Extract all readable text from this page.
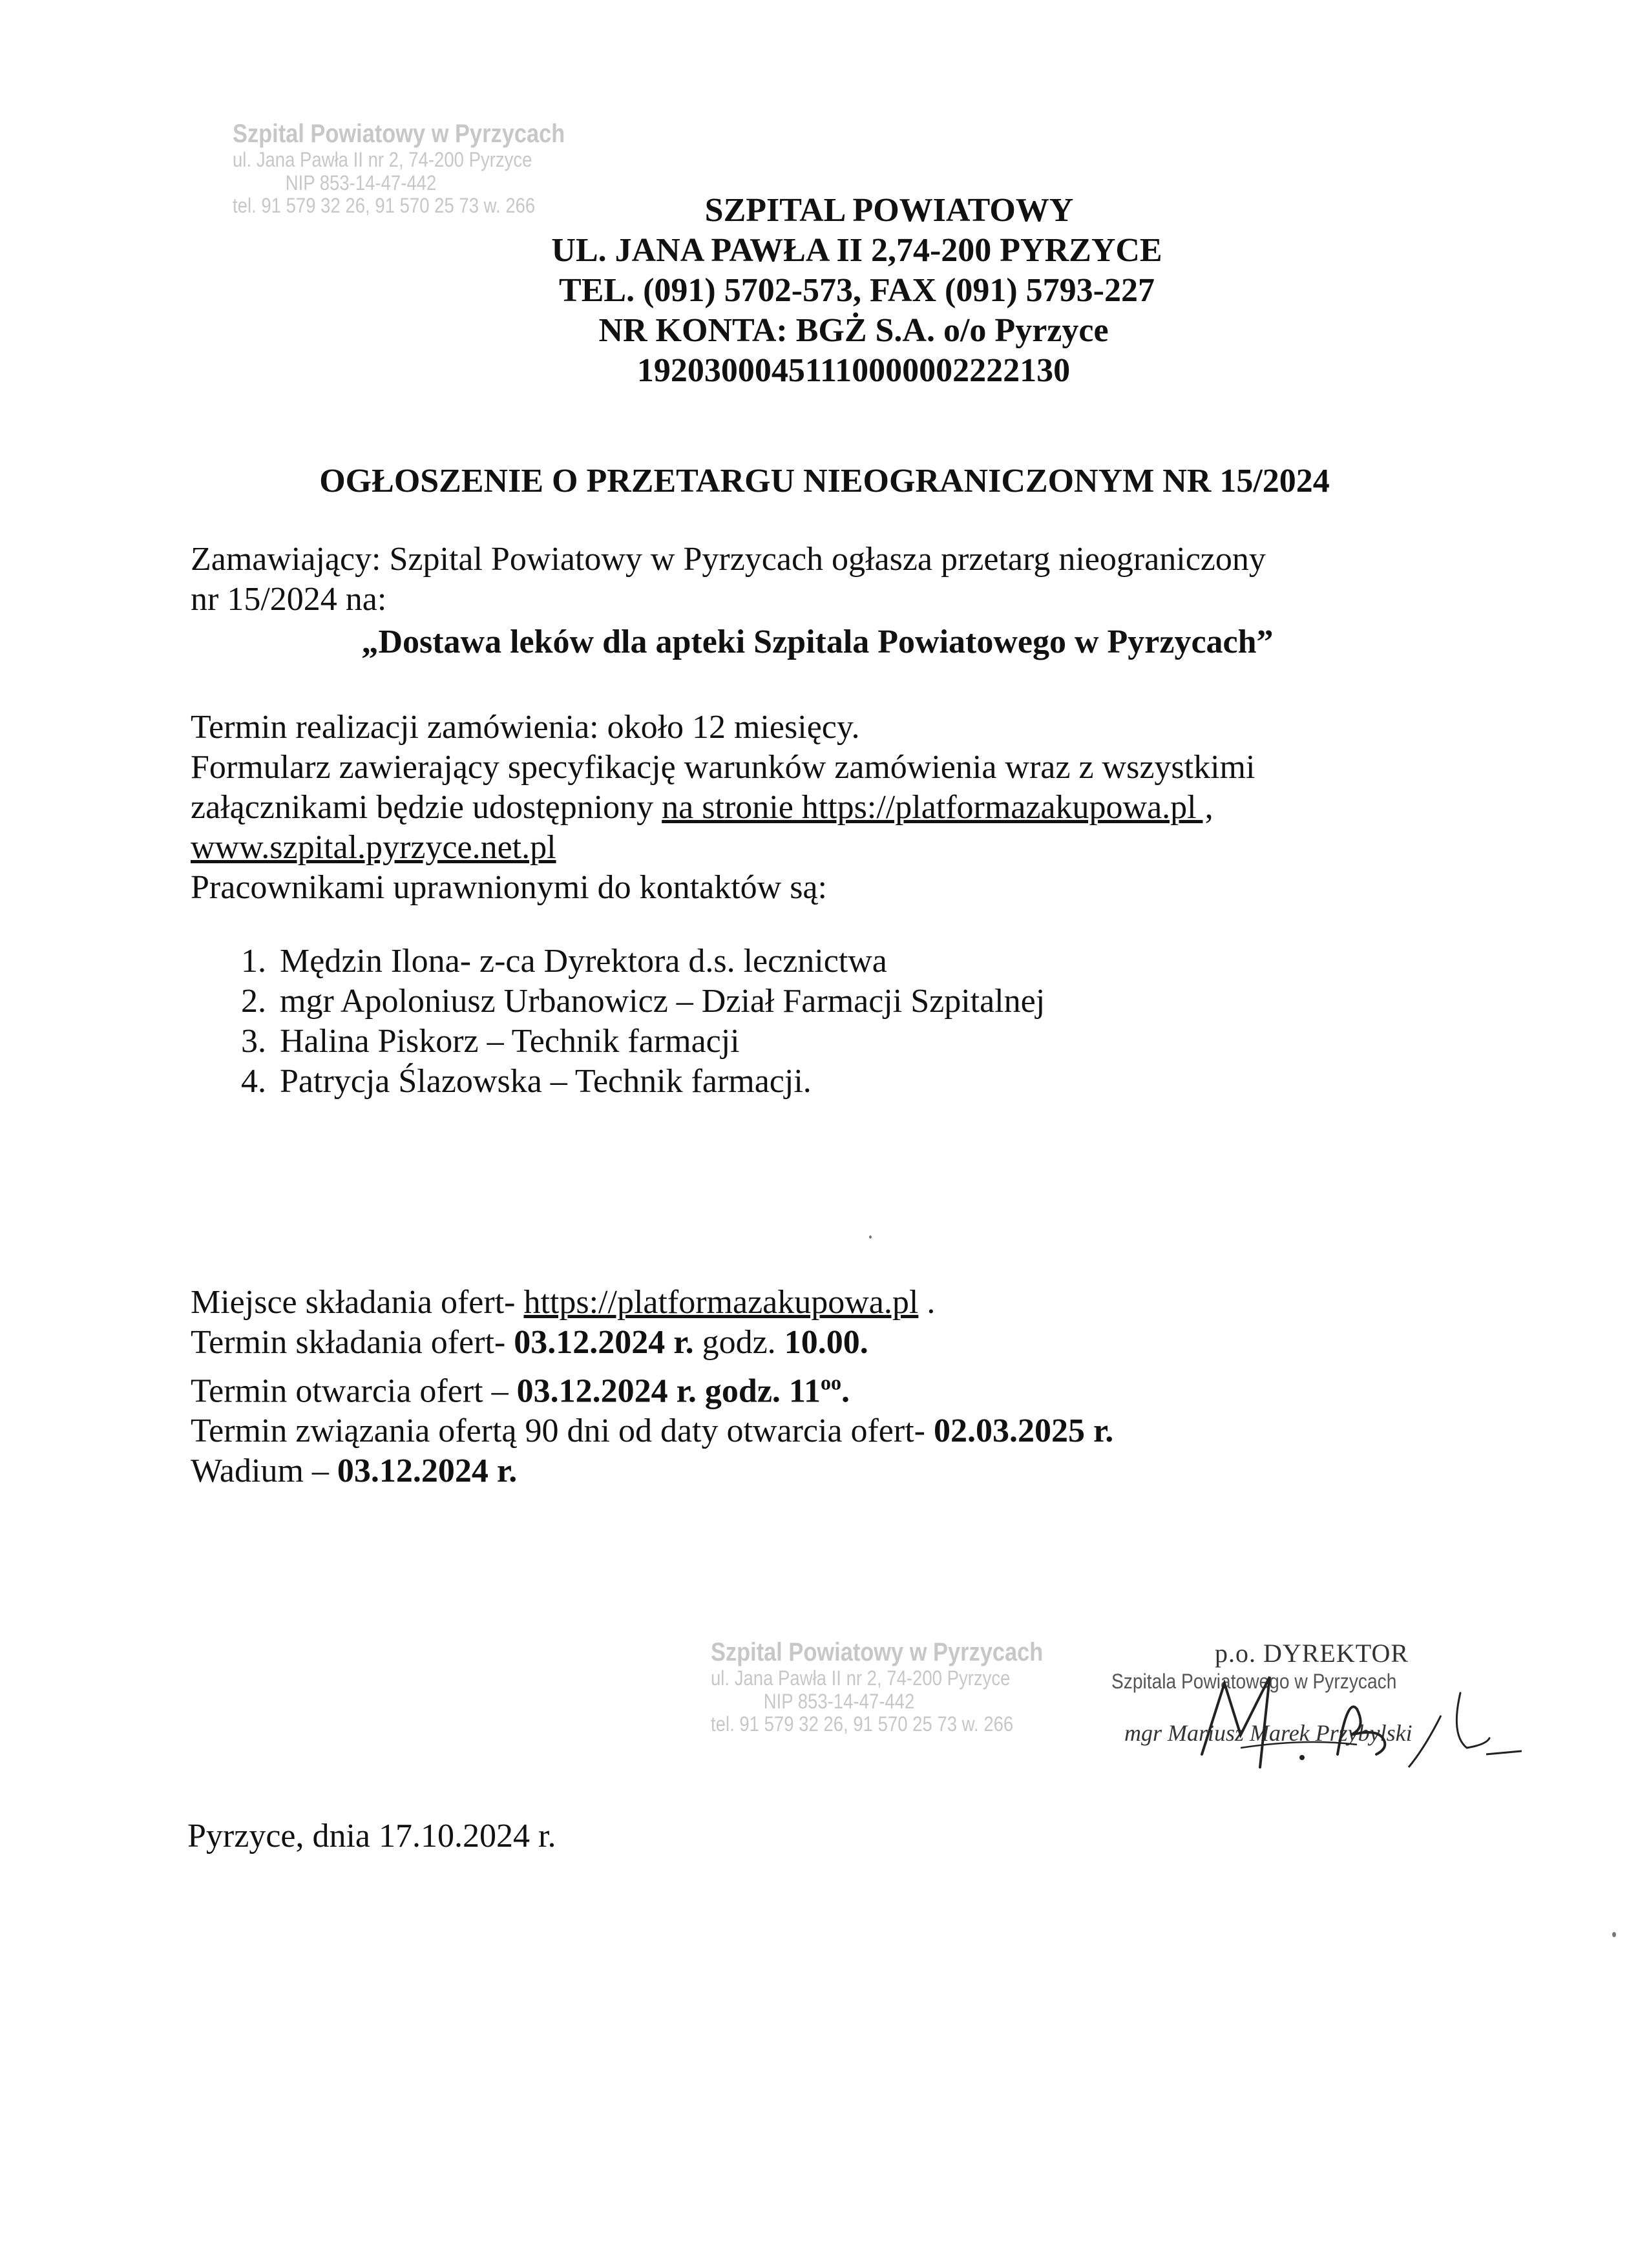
Szpital Powiatowy w Pyrzycach
ul. Jana Pawła II nr 2, 74-200 Pyrzyce
NIP 853-14-47-442
tel. 91 579 32 26, 91 570 25 73 w. 266	SZPITAL POWIATOWY
UL. JANA PAWŁA II 2,74-200 PYRZYCE
TEL. (091) 5702-573, FAX (091) 5793-227
NR KONTA: BGŻ S.A. o/o Pyrzyce
19203000451110000002222130
OGŁOSZENIE O PRZETARGU NIEOGRANICZONYM NR 15/2024

Zamawiający: Szpital Powiatowy w Pyrzycach ogłasza przetarg nieograniczony

nr 15/2024 na:

„Dostawa leków dla apteki Szpitala Powiatowego w Pyrzycach”

Termin realizacji zamówienia: około 12 miesięcy.

Formularz zawierający specyfikację warunków zamówienia wraz z wszystkimi

załącznikami będzie udostępniony na stronie https://platformazakupowa.pl ,

www.szpital.pyrzyce.net.pl

Pracownikami uprawnionymi do kontaktów są:

1. Mędzin Ilona- z-ca Dyrektora d.s. lecznictwa
2. mgr Apoloniusz Urbanowicz – Dział Farmacji Szpitalnej
3. Halina Piskorz – Technik farmacji
4. Patrycja Ślazowska – Technik farmacji.

Miejsce składania ofert- https://platformazakupowa.pl .

Termin składania ofert- 03.12.2024 r. godz. 10.00.

Termin otwarcia ofert – 03.12.2024 r. godz. $11^{oo}$.

Termin związania ofertą 90 dni od daty otwarcia ofert- 02.03.2025 r.

Wadium – 03.12.2024 r.

Szpital Powiatowy w Pyrzycach
ul. Jana Pawła II nr 2, 74-200 Pyrzyce
NIP 853-14-47-442
tel. 91 579 32 26, 91 570 25 73 w. 266
p.o. DYREKTOR
Szpitala Powiatowego w Pyrzycach
mgr Mariusz Marek Przybylski
Pyrzyce, dnia 17.10.2024 r.
